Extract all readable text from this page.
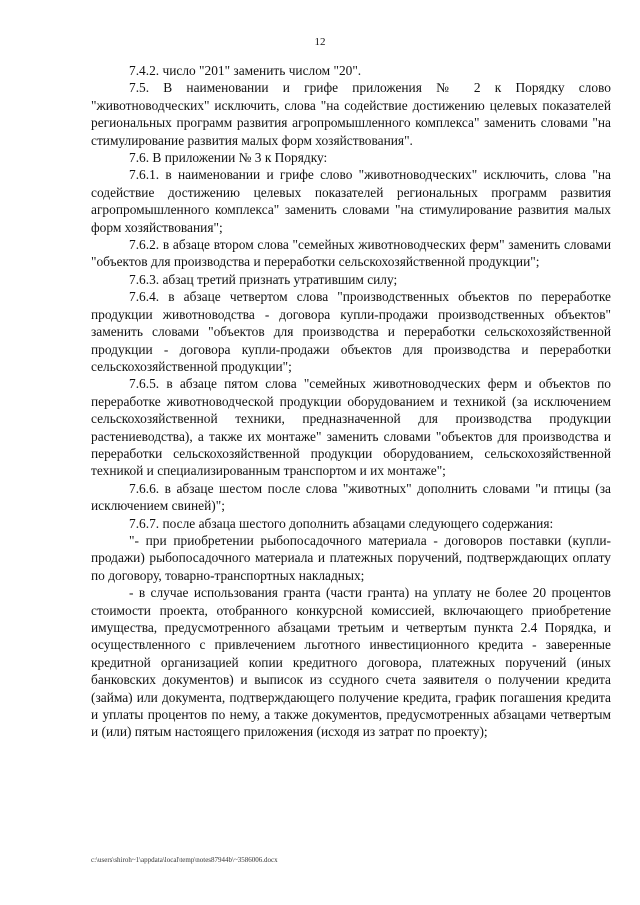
12

7.4.2. число "201" заменить числом "20".

7.5. В наименовании и грифе приложения № 2 к Порядку слово "животноводческих" исключить, слова "на содействие достижению целевых показателей региональных программ развития агропромышленного комплекса" заменить словами "на стимулирование развития малых форм хозяйствования".

7.6. В приложении № 3 к Порядку:

7.6.1. в наименовании и грифе слово "животноводческих" исключить, слова "на содействие достижению целевых показателей региональных программ развития агропромышленного комплекса" заменить словами "на стимулирование развития малых форм хозяйствования";

7.6.2. в абзаце втором слова "семейных животноводческих ферм" заменить словами "объектов для производства и переработки сельскохозяйственной продукции";

7.6.3. абзац третий признать утратившим силу;

7.6.4. в абзаце четвертом слова "производственных объектов по переработке продукции животноводства - договора купли-продажи производственных объектов" заменить словами "объектов для производства и переработки сельскохозяйственной продукции - договора купли-продажи объектов для производства и переработки сельскохозяйственной продукции";

7.6.5. в абзаце пятом слова "семейных животноводческих ферм и объектов по переработке животноводческой продукции оборудованием и техникой (за исключением сельскохозяйственной техники, предназначенной для производства продукции растениеводства), а также их монтаже" заменить словами "объектов для производства и переработки сельскохозяйственной продукции оборудованием, сельскохозяйственной техникой и специализированным транспортом и их монтаже";

7.6.6. в абзаце шестом после слова "животных" дополнить словами "и птицы (за исключением свиней)";

7.6.7. после абзаца шестого дополнить абзацами следующего содержания:

"- при приобретении рыбопосадочного материала - договоров поставки (купли-продажи) рыбопосадочного материала и платежных поручений, подтверждающих оплату по договору, товарно-транспортных накладных;

- в случае использования гранта (части гранта) на уплату не более 20 процентов стоимости проекта, отобранного конкурсной комиссией, включающего приобретение имущества, предусмотренного абзацами третьим и четвертым пункта 2.4 Порядка, и осуществленного с привлечением льготного инвестиционного кредита - заверенные кредитной организацией копии кредитного договора, платежных поручений (иных банковских документов) и выписок из ссудного счета заявителя о получении кредита (займа) или документа, подтверждающего получение кредита, график погашения кредита и уплаты процентов по нему, а также документов, предусмотренных абзацами четвертым и (или) пятым настоящего приложения (исходя из затрат по проекту);

c:\users\shiroh~1\appdata\local\temp\notes87944b\~3586006.docx
